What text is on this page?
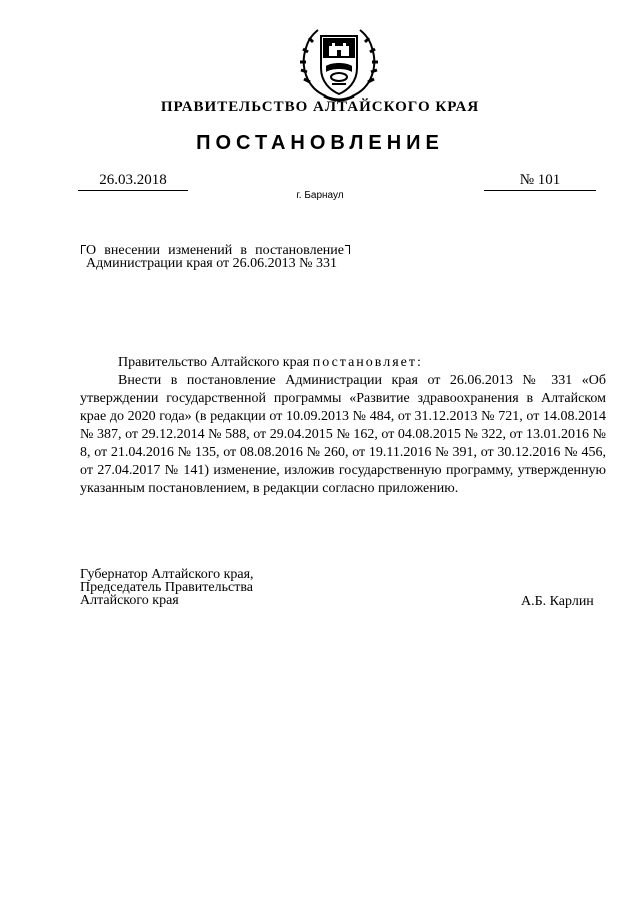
ПРАВИТЕЛЬСТВО АЛТАЙСКОГО КРАЯ
ПОСТАНОВЛЕНИЕ
26.03.2018	№ 101
г. Барнаул
О внесении изменений в постановление Администрации края от 26.06.2013 № 331

Правительство Алтайского края постановляет:

Внести в постановление Администрации края от 26.06.2013 № 331 «Об утверждении государственной программы «Развитие здравоохранения в Алтайском крае до 2020 года» (в редакции от 10.09.2013 № 484, от 31.12.2013 № 721, от 14.08.2014 № 387, от 29.12.2014 № 588, от 29.04.2015 № 162, от 04.08.2015 № 322, от 13.01.2016 № 8, от 21.04.2016 № 135, от 08.08.2016 № 260, от 19.11.2016 № 391, от 30.12.2016 № 456, от 27.04.2017 № 141) изменение, изложив государственную программу, утвержденную указанным постановлением, в редакции согласно приложению.

Губернатор Алтайского края,
Председатель Правительства
Алтайского края	А.Б. Карлин
